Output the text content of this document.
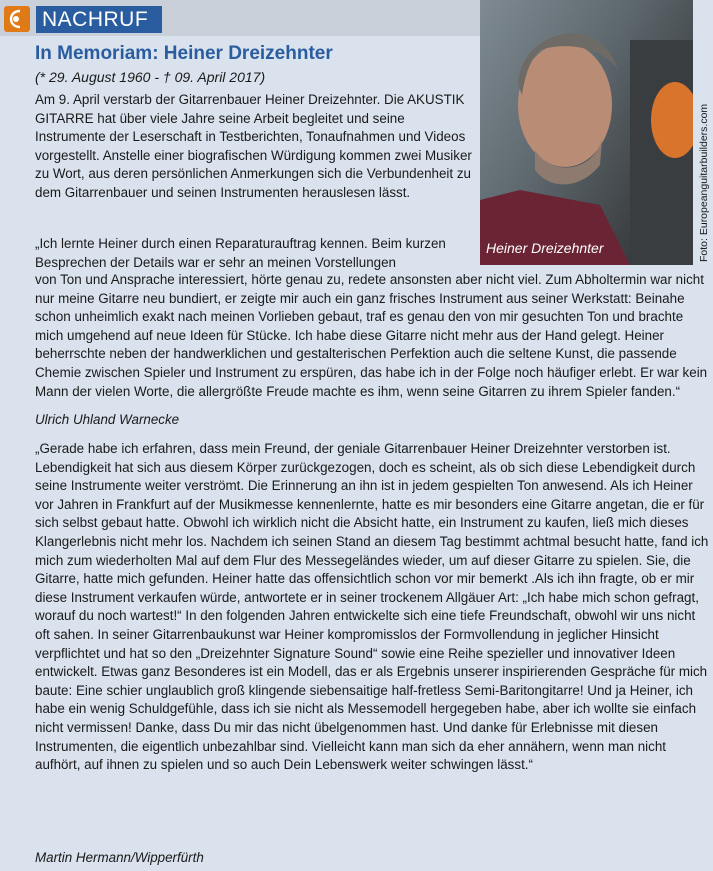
NACHRUF
In Memoriam: Heiner Dreizehnter
(* 29. August 1960 - † 09. April 2017)

Am 9. April verstarb der Gitarrenbauer Heiner Dreizehnter. Die AKUSTIK GITARRE hat über viele Jahre seine Arbeit begleitet und seine Instrumente der Leserschaft in Testberichten, Tonaufnahmen und Videos vorgestellt. Anstelle einer biografischen Würdigung kommen zwei Musiker zu Wort, aus deren persönlichen Anmerkungen sich die Verbundenheit zu dem Gitarrenbauer und seinen Instrumenten herauslesen lässt.

„Ich lernte Heiner durch einen Reparaturauftrag kennen. Beim kurzen Besprechen der Details war er sehr an meinen Vorstellungen

von Ton und Ansprache interessiert, hörte genau zu, redete ansonsten aber nicht viel. Zum Abholtermin war nicht nur meine Gitarre neu bundiert, er zeigte mir auch ein ganz frisches Instrument aus seiner Werkstatt: Beinahe schon unheimlich exakt nach meinen Vorlieben gebaut, traf es genau den von mir gesuchten Ton und brachte mich umgehend auf neue Ideen für Stücke. Ich habe diese Gitarre nicht mehr aus der Hand gelegt. Heiner beherrschte neben der handwerklichen und gestalterischen Perfektion auch die seltene Kunst, die passende Chemie zwischen Spieler und Instrument zu erspüren, das habe ich in der Folge noch häufiger erlebt. Er war kein Mann der vielen Worte, die allergrößte Freude machte es ihm, wenn seine Gitarren zu ihrem Spieler fanden.“

Ulrich Uhland Warnecke

„Gerade habe ich erfahren, dass mein Freund, der geniale Gitarrenbauer Heiner Dreizehnter verstorben ist. Lebendigkeit hat sich aus diesem Körper zurückgezogen, doch es scheint, als ob sich diese Lebendigkeit durch seine Instrumente weiter verströmt. Die Erinnerung an ihn ist in jedem gespielten Ton anwesend. Als ich Heiner vor Jahren in Frankfurt auf der Musikmesse kennenlernte, hatte es mir besonders eine Gitarre angetan, die er für sich selbst gebaut hatte. Obwohl ich wirklich nicht die Absicht hatte, ein Instrument zu kaufen, ließ mich dieses Klangerlebnis nicht mehr los. Nachdem ich seinen Stand an diesem Tag bestimmt achtmal besucht hatte, fand ich mich zum wiederholten Mal auf dem Flur des Messegeländes wieder, um auf dieser Gitarre zu spielen. Sie, die Gitarre, hatte mich gefunden. Heiner hatte das offensichtlich schon vor mir bemerkt .Als ich ihn fragte, ob er mir diese Instrument verkaufen würde, antwortete er in seiner trockenem Allgäuer Art: „Ich habe mich schon gefragt, worauf du noch wartest!“ In den folgenden Jahren entwickelte sich eine tiefe Freundschaft, obwohl wir uns nicht oft sahen. In seiner Gitarrenbaukunst war Heiner kompromisslos der Formvollendung in jeglicher Hinsicht verpflichtet und hat so den „Dreizehnter Signature Sound“ sowie eine Reihe spezieller und innovativer Ideen entwickelt. Etwas ganz Besonderes ist ein Modell, das er als Ergebnis unserer inspirierenden Gespräche für mich baute: Eine schier unglaublich groß klingende siebensaitige half-fretless Semi-Baritongitarre! Und ja Heiner, ich habe ein wenig Schuldgefühle, dass ich sie nicht als Messemodell hergegeben habe, aber ich wollte sie einfach nicht vermissen! Danke, dass Du mir das nicht übelgenommen hast. Und danke für Erlebnisse mit diesen Instrumenten, die eigentlich unbezahlbar sind. Vielleicht kann man sich da eher annähern, wenn man nicht aufhört, auf ihnen zu spielen und so auch Dein Lebenswerk weiter schwingen lässt.“

Martin Hermann/Wipperfürth
Heiner Dreizehnter	Foto: Europeanguitarbuilders.com
